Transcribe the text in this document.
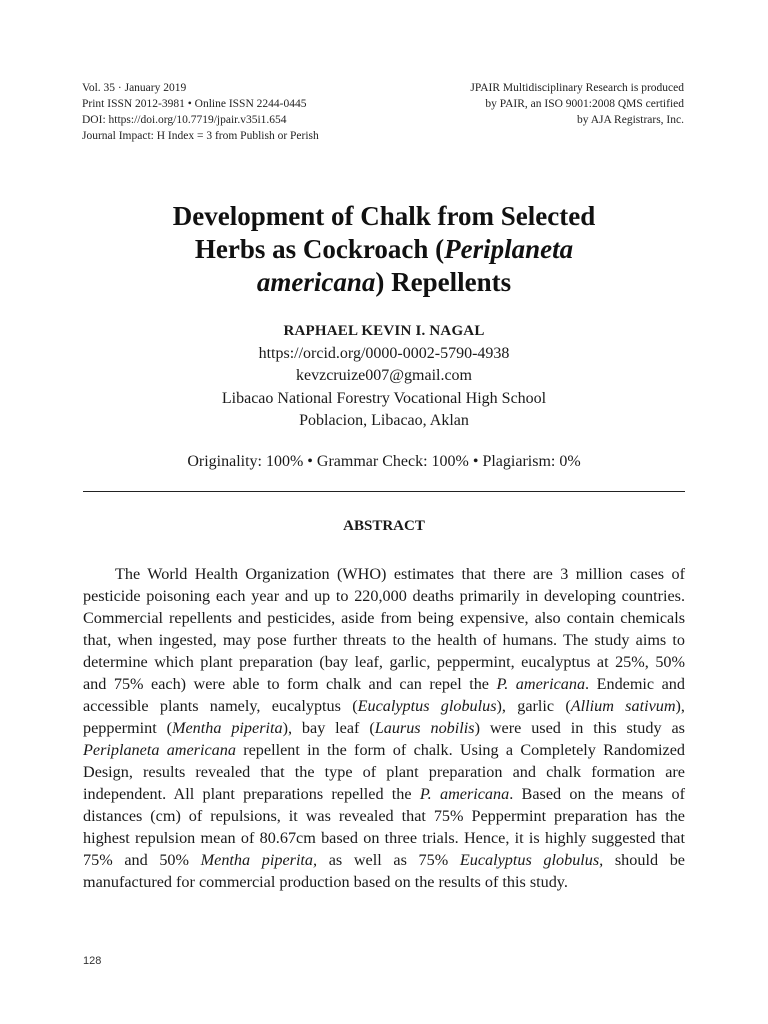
Vol. 35 · January 2019
Print ISSN 2012-3981 • Online ISSN 2244-0445
DOI: https://doi.org/10.7719/jpair.v35i1.654
Journal Impact: H Index = 3 from Publish or Perish
JPAIR Multidisciplinary Research is produced
by PAIR, an ISO 9001:2008 QMS certified
by AJA Registrars, Inc.
Development of Chalk from Selected
Herbs as Cockroach (Periplaneta
americana) Repellents
RAPHAEL KEVIN I. NAGAL
https://orcid.org/0000-0002-5790-4938
kevzcruize007@gmail.com
Libacao National Forestry Vocational High School
Poblacion, Libacao, Aklan
Originality: 100% • Grammar Check: 100% • Plagiarism: 0%
ABSTRACT
The World Health Organization (WHO) estimates that there are 3 million cases of pesticide poisoning each year and up to 220,000 deaths primarily in developing countries. Commercial repellents and pesticides, aside from being expensive, also contain chemicals that, when ingested, may pose further threats to the health of humans. The study aims to determine which plant preparation (bay leaf, garlic, peppermint, eucalyptus at 25%, 50% and 75% each) were able to form chalk and can repel the P. americana. Endemic and accessible plants namely, eucalyptus (Eucalyptus globulus), garlic (Allium sativum), peppermint (Mentha piperita), bay leaf (Laurus nobilis) were used in this study as Periplaneta americana repellent in the form of chalk. Using a Completely Randomized Design, results revealed that the type of plant preparation and chalk formation are independent. All plant preparations repelled the P. americana. Based on the means of distances (cm) of repulsions, it was revealed that 75% Peppermint preparation has the highest repulsion mean of 80.67cm based on three trials. Hence, it is highly suggested that 75% and 50% Mentha piperita, as well as 75% Eucalyptus globulus, should be manufactured for commercial production based on the results of this study.
128
